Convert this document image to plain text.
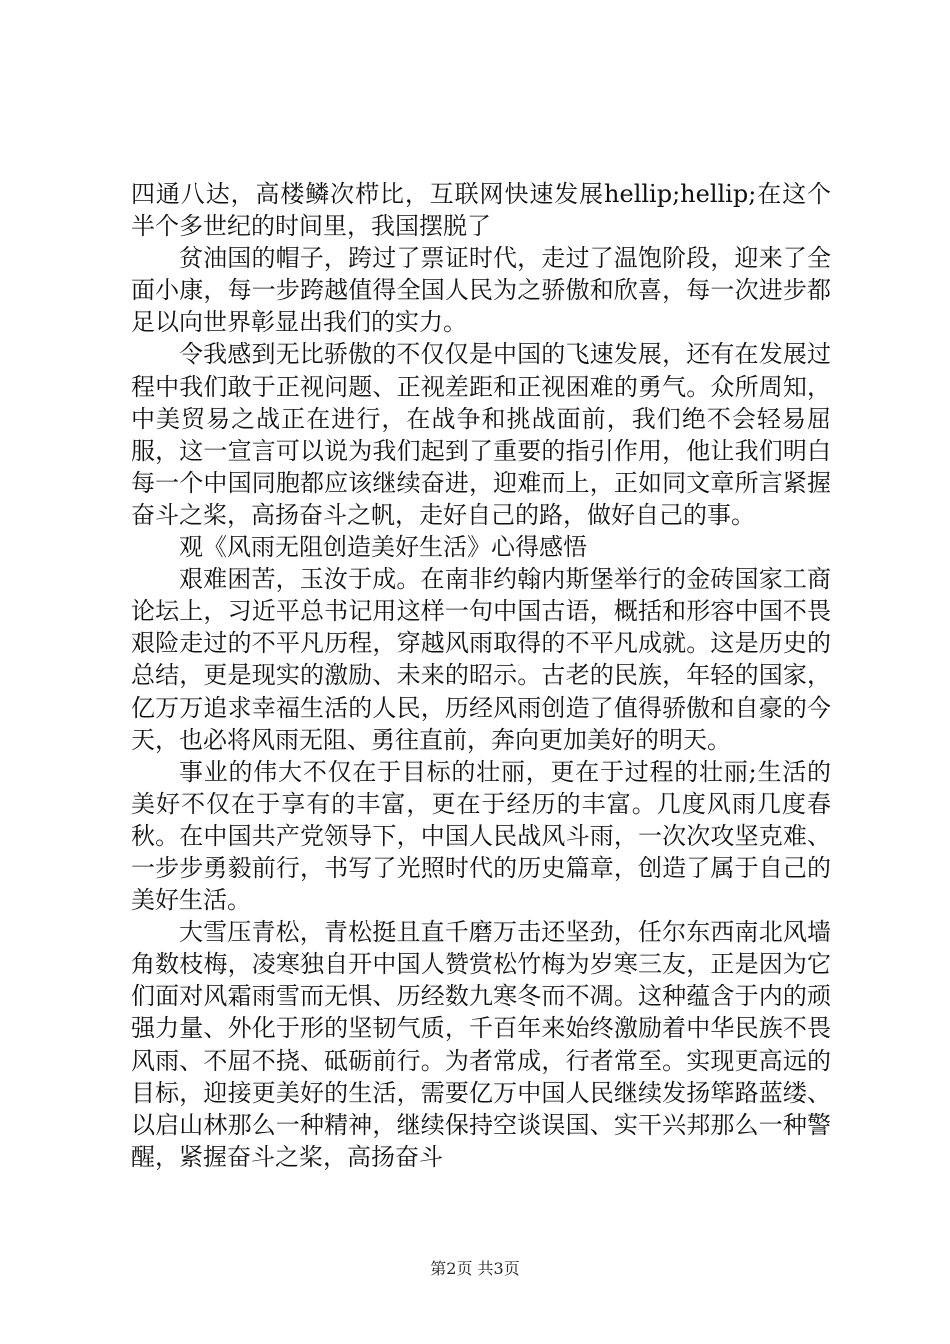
四通八达，高楼鳞次栉比，互联网快速发展hellip;hellip;在这个半个多世纪的时间里，我国摆脱了

贫油国的帽子，跨过了票证时代，走过了温饱阶段，迎来了全面小康，每一步跨越值得全国人民为之骄傲和欣喜，每一次进步都足以向世界彰显出我们的实力。

令我感到无比骄傲的不仅仅是中国的飞速发展，还有在发展过程中我们敢于正视问题、正视差距和正视困难的勇气。众所周知，中美贸易之战正在进行，在战争和挑战面前，我们绝不会轻易屈服，这一宣言可以说为我们起到了重要的指引作用，他让我们明白每一个中国同胞都应该继续奋进，迎难而上，正如同文章所言紧握奋斗之桨，高扬奋斗之帆，走好自己的路，做好自己的事。

观《风雨无阻创造美好生活》心得感悟

艰难困苦，玉汝于成。在南非约翰内斯堡举行的金砖国家工商论坛上，习近平总书记用这样一句中国古语，概括和形容中国不畏艰险走过的不平凡历程，穿越风雨取得的不平凡成就。这是历史的总结，更是现实的激励、未来的昭示。古老的民族，年轻的国家，亿万万追求幸福生活的人民，历经风雨创造了值得骄傲和自豪的今天，也必将风雨无阻、勇往直前，奔向更加美好的明天。

事业的伟大不仅在于目标的壮丽，更在于过程的壮丽;生活的美好不仅在于享有的丰富，更在于经历的丰富。几度风雨几度春秋。在中国共产党领导下，中国人民战风斗雨，一次次攻坚克难、一步步勇毅前行，书写了光照时代的历史篇章，创造了属于自己的美好生活。

大雪压青松，青松挺且直千磨万击还坚劲，任尔东西南北风墙角数枝梅，凌寒独自开中国人赞赏松竹梅为岁寒三友，正是因为它们面对风霜雨雪而无惧、历经数九寒冬而不凋。这种蕴含于内的顽强力量、外化于形的坚韧气质，千百年来始终激励着中华民族不畏风雨、不屈不挠、砥砺前行。为者常成，行者常至。实现更高远的目标，迎接更美好的生活，需要亿万中国人民继续发扬筚路蓝缕、以启山林那么一种精神，继续保持空谈误国、实干兴邦那么一种警醒，紧握奋斗之桨，高扬奋斗

第2页 共3页
